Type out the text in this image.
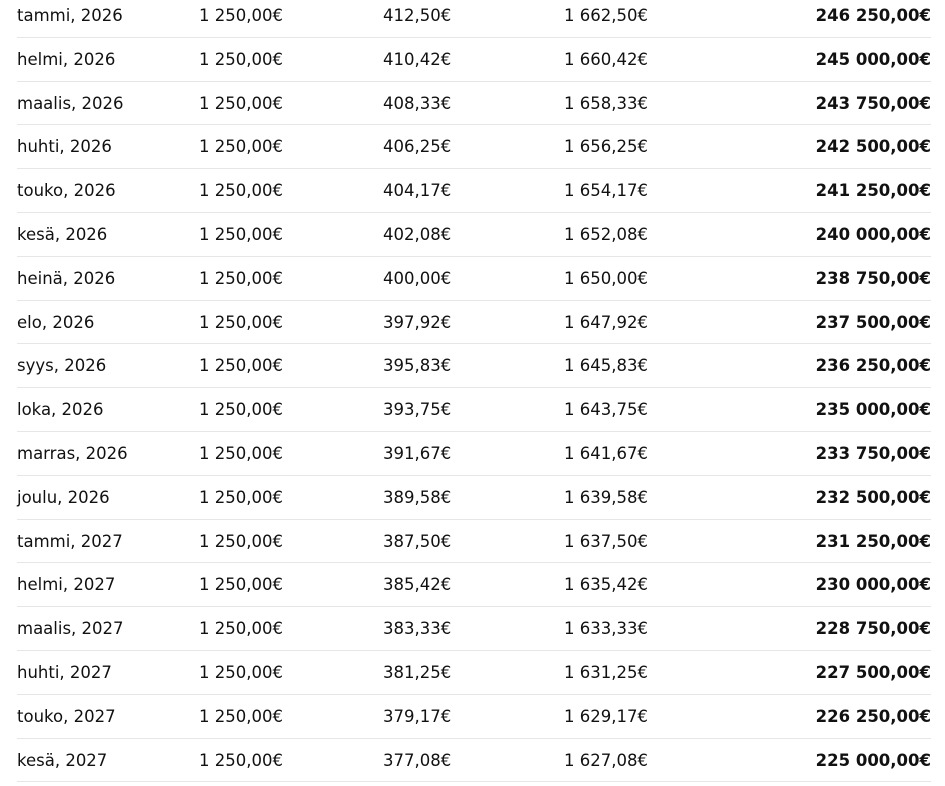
tammi, 2026	1 250,00€	412,50€	1 662,50€	246 250,00€
helmi, 2026	1 250,00€	410,42€	1 660,42€	245 000,00€
maalis, 2026	1 250,00€	408,33€	1 658,33€	243 750,00€
huhti, 2026	1 250,00€	406,25€	1 656,25€	242 500,00€
touko, 2026	1 250,00€	404,17€	1 654,17€	241 250,00€
kesä, 2026	1 250,00€	402,08€	1 652,08€	240 000,00€
heinä, 2026	1 250,00€	400,00€	1 650,00€	238 750,00€
elo, 2026	1 250,00€	397,92€	1 647,92€	237 500,00€
syys, 2026	1 250,00€	395,83€	1 645,83€	236 250,00€
loka, 2026	1 250,00€	393,75€	1 643,75€	235 000,00€
marras, 2026	1 250,00€	391,67€	1 641,67€	233 750,00€
joulu, 2026	1 250,00€	389,58€	1 639,58€	232 500,00€
tammi, 2027	1 250,00€	387,50€	1 637,50€	231 250,00€
helmi, 2027	1 250,00€	385,42€	1 635,42€	230 000,00€
maalis, 2027	1 250,00€	383,33€	1 633,33€	228 750,00€
huhti, 2027	1 250,00€	381,25€	1 631,25€	227 500,00€
touko, 2027	1 250,00€	379,17€	1 629,17€	226 250,00€
kesä, 2027	1 250,00€	377,08€	1 627,08€	225 000,00€
